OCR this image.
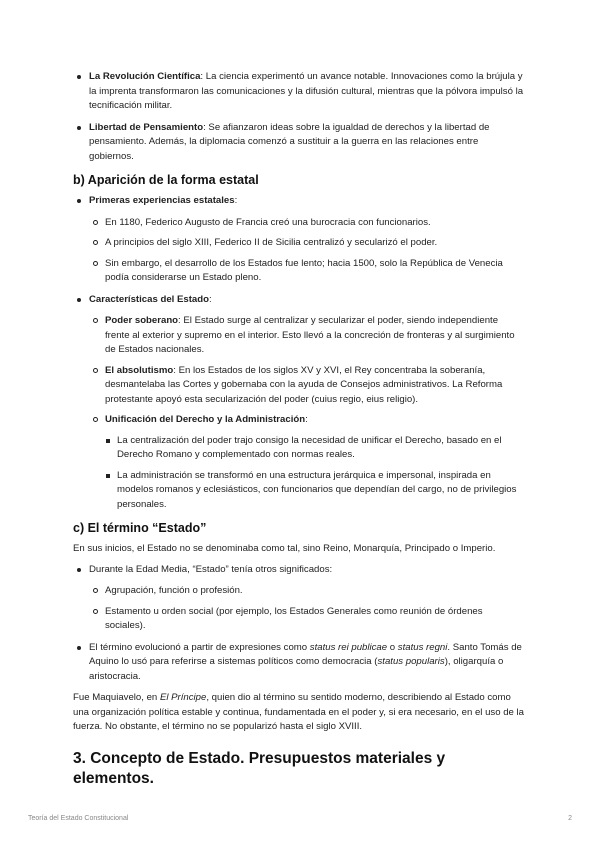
La Revolución Científica: La ciencia experimentó un avance notable. Innovaciones como la brújula y la imprenta transformaron las comunicaciones y la difusión cultural, mientras que la pólvora impulsó la tecnificación militar.
Libertad de Pensamiento: Se afianzaron ideas sobre la igualdad de derechos y la libertad de pensamiento. Además, la diplomacia comenzó a sustituir a la guerra en las relaciones entre gobiernos.
b) Aparición de la forma estatal
Primeras experiencias estatales:
En 1180, Federico Augusto de Francia creó una burocracia con funcionarios.
A principios del siglo XIII, Federico II de Sicilia centralizó y secularizó el poder.
Sin embargo, el desarrollo de los Estados fue lento; hacia 1500, solo la República de Venecia podía considerarse un Estado pleno.
Características del Estado:
Poder soberano: El Estado surge al centralizar y secularizar el poder, siendo independiente frente al exterior y supremo en el interior. Esto llevó a la concreción de fronteras y al surgimiento de Estados nacionales.
El absolutismo: En los Estados de los siglos XV y XVI, el Rey concentraba la soberanía, desmantelaba las Cortes y gobernaba con la ayuda de Consejos administrativos. La Reforma protestante apoyó esta secularización del poder (cuius regio, eius religio).
Unificación del Derecho y la Administración:
La centralización del poder trajo consigo la necesidad de unificar el Derecho, basado en el Derecho Romano y complementado con normas reales.
La administración se transformó en una estructura jerárquica e impersonal, inspirada en modelos romanos y eclesiásticos, con funcionarios que dependían del cargo, no de privilegios personales.
c) El término “Estado”

En sus inicios, el Estado no se denominaba como tal, sino Reino, Monarquía, Principado o Imperio.

Durante la Edad Media, “Estado” tenía otros significados:
Agrupación, función o profesión.
Estamento u orden social (por ejemplo, los Estados Generales como reunión de órdenes sociales).
El término evolucionó a partir de expresiones como status rei publicae o status regni. Santo Tomás de Aquino lo usó para referirse a sistemas políticos como democracia (status popularis), oligarquía o aristocracia.

Fue Maquiavelo, en El Príncipe, quien dio al término su sentido moderno, describiendo al Estado como una organización política estable y continua, fundamentada en el poder y, si era necesario, en el uso de la fuerza. No obstante, el término no se popularizó hasta el siglo XVIII.

3. Concepto de Estado. Presupuestos materiales y elementos.
Teoría del Estado Constitucional	2
